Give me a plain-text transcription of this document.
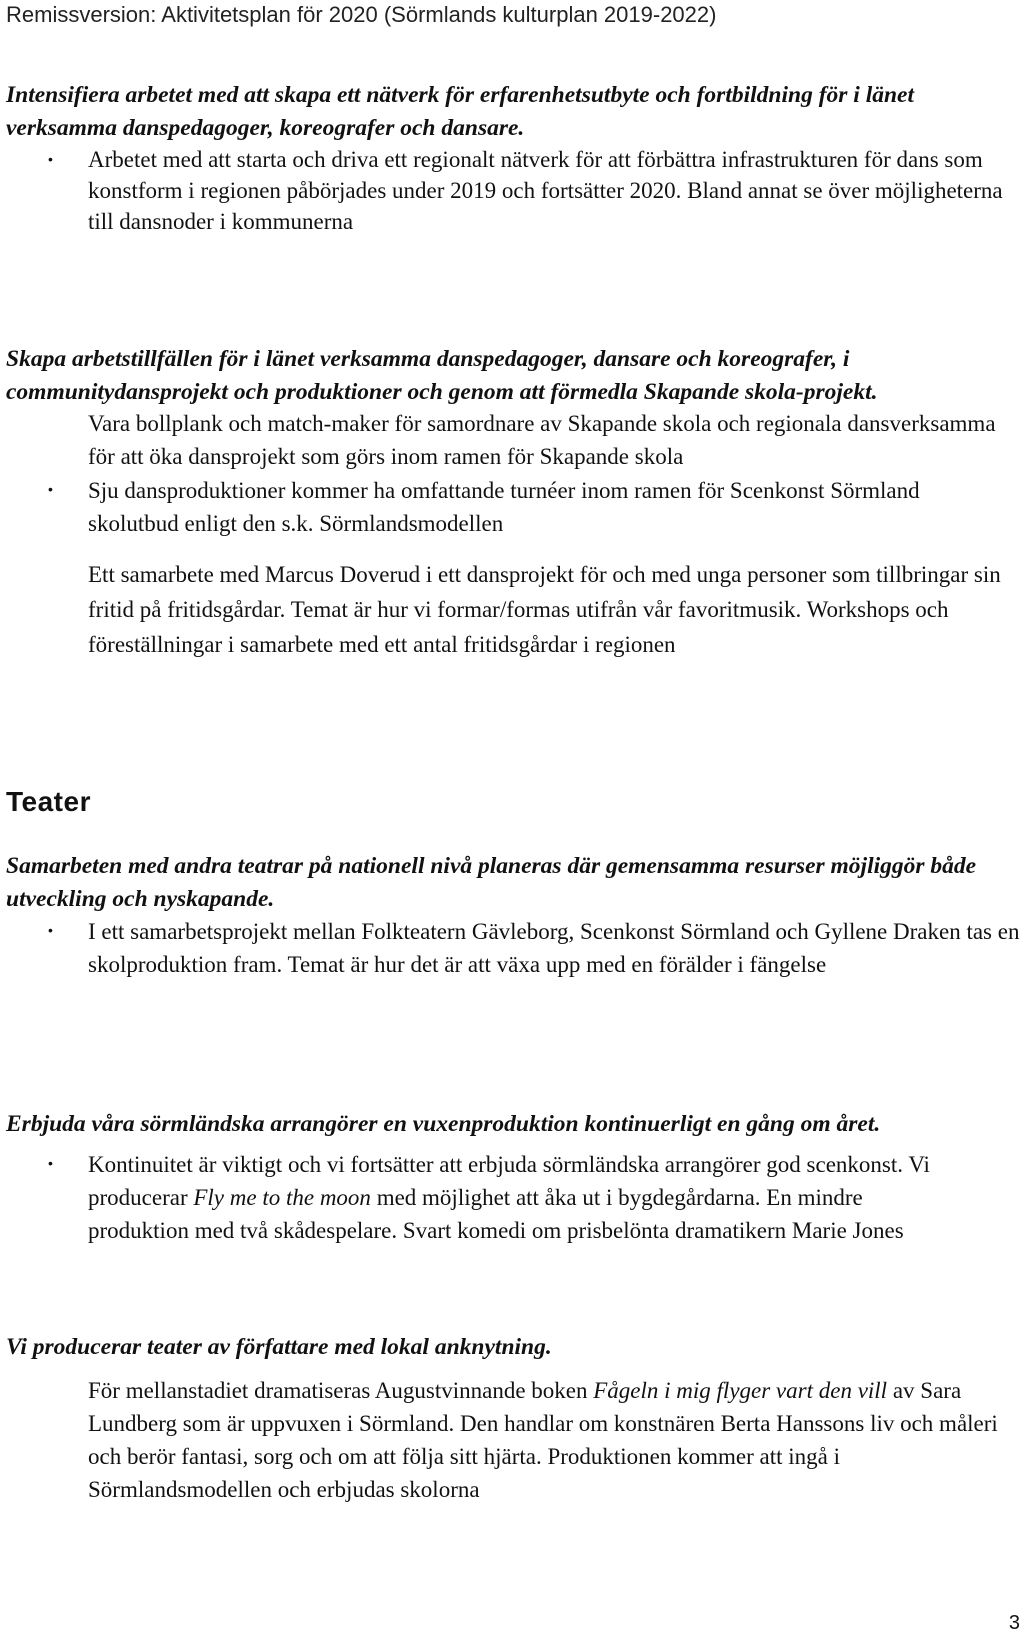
Remissversion: Aktivitetsplan för 2020 (Sörmlands kulturplan 2019-2022)
Intensifiera arbetet med att skapa ett nätverk för erfarenhetsutbyte och fortbildning för i länet verksamma danspedagoger, koreografer och dansare.
• Arbetet med att starta och driva ett regionalt nätverk för att förbättra infrastrukturen för dans som konstform i regionen påbörjades under 2019 och fortsätter 2020. Bland annat se över möjligheterna till dansnoder i kommunerna
Skapa arbetstillfällen för i länet verksamma danspedagoger, dansare och koreografer, i communitydansprojekt och produktioner och genom att förmedla Skapande skola-projekt.
Vara bollplank och match-maker för samordnare av Skapande skola och regionala dansverksamma för att öka dansprojekt som görs inom ramen för Skapande skola
• Sju dansproduktioner kommer ha omfattande turnéer inom ramen för Scenkonst Sörmland skolutbud enligt den s.k. Sörmlandsmodellen
Ett samarbete med Marcus Doverud i ett dansprojekt för och med unga personer som tillbringar sin fritid på fritidsgårdar. Temat är hur vi formar/formas utifrån vår favoritmusik. Workshops och föreställningar i samarbete med ett antal fritidsgårdar i regionen
Teater
Samarbeten med andra teatrar på nationell nivå planeras där gemensamma resurser möjliggör både utveckling och nyskapande.
• I ett samarbetsprojekt mellan Folkteatern Gävleborg, Scenkonst Sörmland och Gyllene Draken tas en skolproduktion fram. Temat är hur det är att växa upp med en förälder i fängelse
Erbjuda våra sörmländska arrangörer en vuxenproduktion kontinuerligt en gång om året.
• Kontinuitet är viktigt och vi fortsätter att erbjuda sörmländska arrangörer god scenkonst. Vi producerar Fly me to the moon med möjlighet att åka ut i bygdegårdarna. En mindre produktion med två skådespelare. Svart komedi om prisbelönta dramatikern Marie Jones
Vi producerar teater av författare med lokal anknytning.
För mellanstadiet dramatiseras Augustvinnande boken Fågeln i mig flyger vart den vill av Sara Lundberg som är uppvuxen i Sörmland. Den handlar om konstnären Berta Hanssons liv och måleri och berör fantasi, sorg och om att följa sitt hjärta. Produktionen kommer att ingå i Sörmlandsmodellen och erbjudas skolorna
3
